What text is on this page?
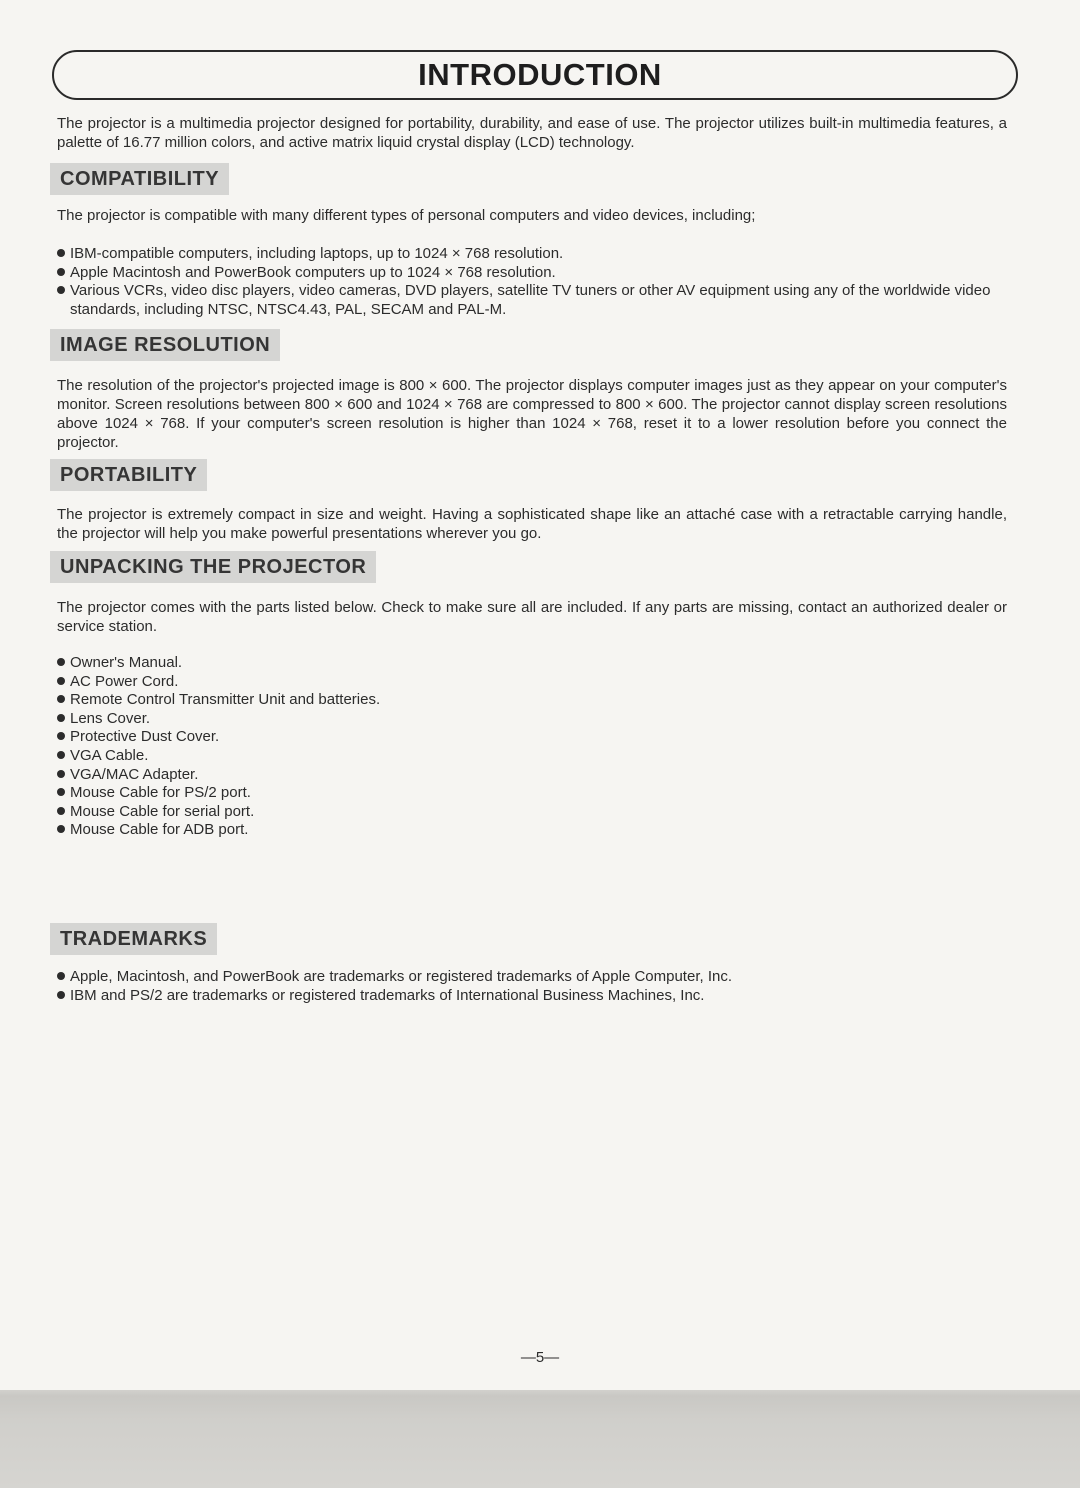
INTRODUCTION

The projector is a multimedia projector designed for portability, durability, and ease of use. The projector utilizes built-in multimedia features, a palette of 16.77 million colors, and active matrix liquid crystal display (LCD) technology.

COMPATIBILITY

The projector is compatible with many different types of personal computers and video devices, including;

IBM-compatible computers, including laptops, up to 1024 × 768 resolution.
Apple Macintosh and PowerBook computers up to 1024 × 768 resolution.
Various VCRs, video disc players, video cameras, DVD players, satellite TV tuners or other AV equipment using any of the worldwide video standards, including NTSC, NTSC4.43, PAL, SECAM and PAL-M.
IMAGE RESOLUTION

The resolution of the projector's projected image is 800 × 600. The projector displays computer images just as they appear on your computer's monitor. Screen resolutions between 800 × 600 and 1024 × 768 are compressed to 800 × 600. The projector cannot display screen resolutions above 1024 × 768. If your computer's screen resolution is higher than 1024 × 768, reset it to a lower resolution before you connect the projector.

PORTABILITY

The projector is extremely compact in size and weight. Having a sophisticated shape like an attaché case with a retractable carrying handle, the projector will help you make powerful presentations wherever you go.

UNPACKING THE PROJECTOR

The projector comes with the parts listed below. Check to make sure all are included. If any parts are missing, contact an authorized dealer or service station.

Owner's Manual.
AC Power Cord.
Remote Control Transmitter Unit and batteries.
Lens Cover.
Protective Dust Cover.
VGA Cable.
VGA/MAC Adapter.
Mouse Cable for PS/2 port.
Mouse Cable for serial port.
Mouse Cable for ADB port.
TRADEMARKS
Apple, Macintosh, and PowerBook are trademarks or registered trademarks of Apple Computer, Inc.
IBM and PS/2 are trademarks or registered trademarks of International Business Machines, Inc.
—5—
